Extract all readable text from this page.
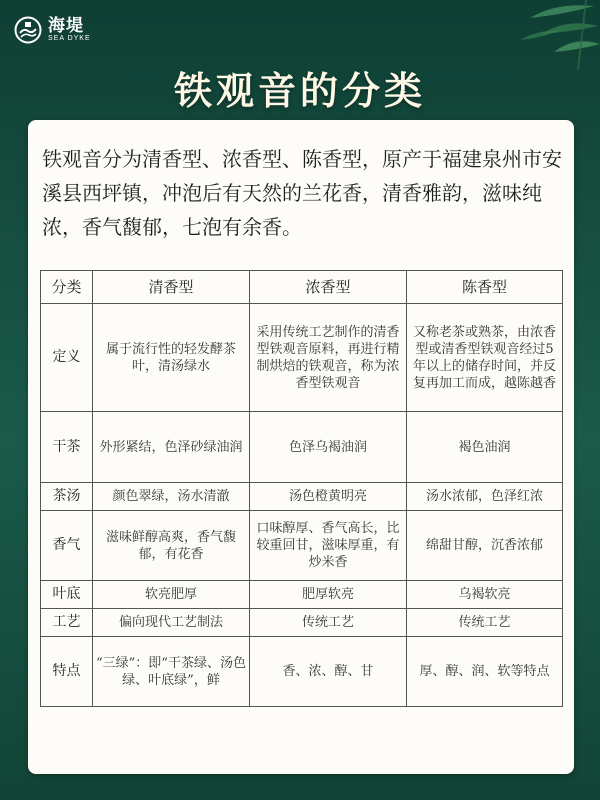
海堤
SEA DYKE
铁观音的分类

铁观音分为清香型、浓香型、陈香型，原产于福建泉州市安溪县西坪镇，冲泡后有天然的兰花香，清香雅韵，滋味纯浓，香气馥郁，七泡有余香。

分类	清香型	浓香型	陈香型
定义	属于流行性的轻发酵茶叶，清汤绿水	采用传统工艺制作的清香型铁观音原料，再进行精制烘焙的铁观音，称为浓香型铁观音	又称老茶或熟茶，由浓香型或清香型铁观音经过5年以上的储存时间，并反复再加工而成，越陈越香
干茶	外形紧结，色泽砂绿油润	色泽乌褐油润	褐色油润
茶汤	颜色翠绿，汤水清澈	汤色橙黄明亮	汤水浓郁，色泽红浓
香气	滋味鲜醇高爽，香气馥郁，有花香	口味醇厚、香气高长，比较重回甘，滋味厚重，有炒米香	绵甜甘醇，沉香浓郁
叶底	软亮肥厚	肥厚软亮	乌褐软亮
工艺	偏向现代工艺制法	传统工艺	传统工艺
特点	“三绿”：即“干茶绿、汤色绿、叶底绿”，鲜	香、浓、醇、甘	厚、醇、润、软等特点
